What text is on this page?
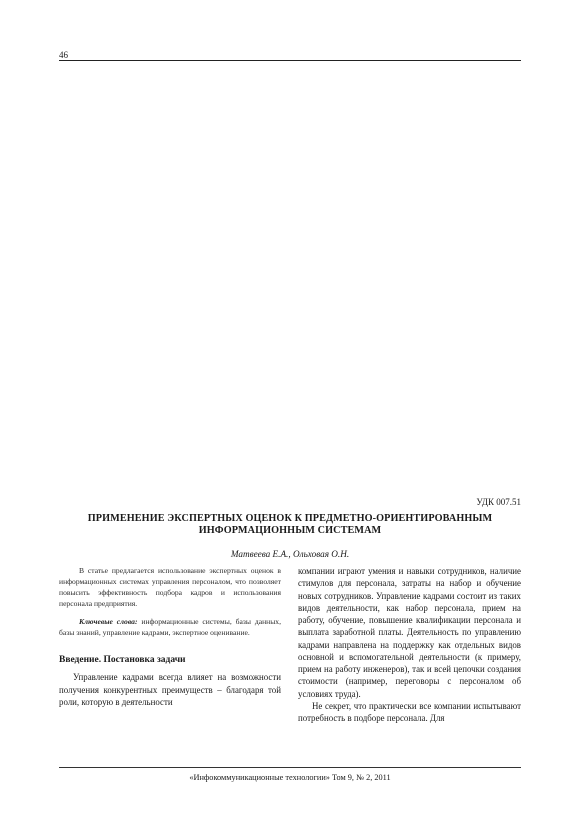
46
УДК 007.51
ПРИМЕНЕНИЕ ЭКСПЕРТНЫХ ОЦЕНОК К ПРЕДМЕТНО-ОРИЕНТИРОВАННЫМ
ИНФОРМАЦИОННЫМ СИСТЕМАМ
Матвеева Е.А., Ольховая О.Н.

В статье предлагается использование экспертных оценок в информационных системах управления персоналом, что позволяет повысить эффективность подбора кадров и использования персонала предприятия.

Ключевые слова: информационные системы, базы данных, базы знаний, управление кадрами, экспертное оценивание.

Введение. Постановка задачи

Управление кадрами всегда влияет на возможности получения конкурентных преимуществ – благодаря той роли, которую в деятельности

компании играют умения и навыки сотрудников, наличие стимулов для персонала, затраты на набор и обучение новых сотрудников. Управление кадрами состоит из таких видов деятельности, как набор персонала, прием на работу, обучение, повышение квалификации персонала и выплата заработной платы. Деятельность по управлению кадрами направлена на поддержку как отдельных видов основной и вспомогательной деятельности (к примеру, прием на работу инженеров), так и всей цепочки создания стоимости (например, переговоры с персоналом об условиях труда).

Не секрет, что практически все компании испытывают потребность в подборе персонала. Для

«Инфокоммуникационные технологии» Том 9, № 2, 2011
